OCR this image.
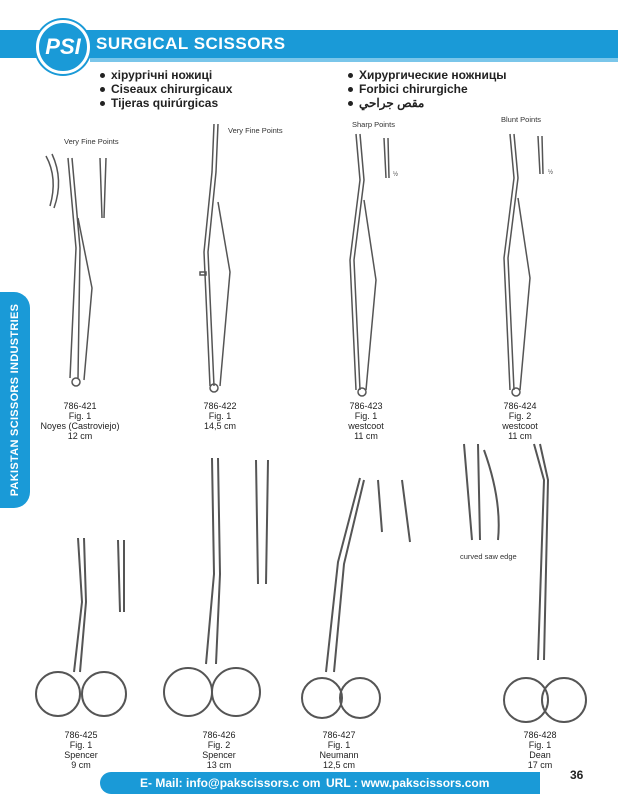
PSI SURGICAL SCISSORS
хірургічні ножиці
Ciseaux chirurgicaux
Tijeras quirúrgicas
Хирургические ножницы
Forbici chirurgiche
مقص جراحي
PAKISTAN SCISSORS INDUSTRIES
Very Fine Points
Very Fine Points
Sharp Points
Blunt Points
curved saw edge
½	½
786-421
Fig. 1
Noyes (Castroviejo)
12 cm
786-422
Fig. 1
14,5 cm
786-423
Fig. 1
westcoot
11 cm
786-424
Fig. 2
westcoot
11 cm
786-425
Fig. 1
Spencer
9 cm
786-426
Fig. 2
Spencer
13 cm
786-427
Fig. 1
Neumann
12,5 cm
786-428
Fig. 1
Dean
17 cm
E- Mail: info@pakscissors.c om URL : www.pakscissors.com
36
